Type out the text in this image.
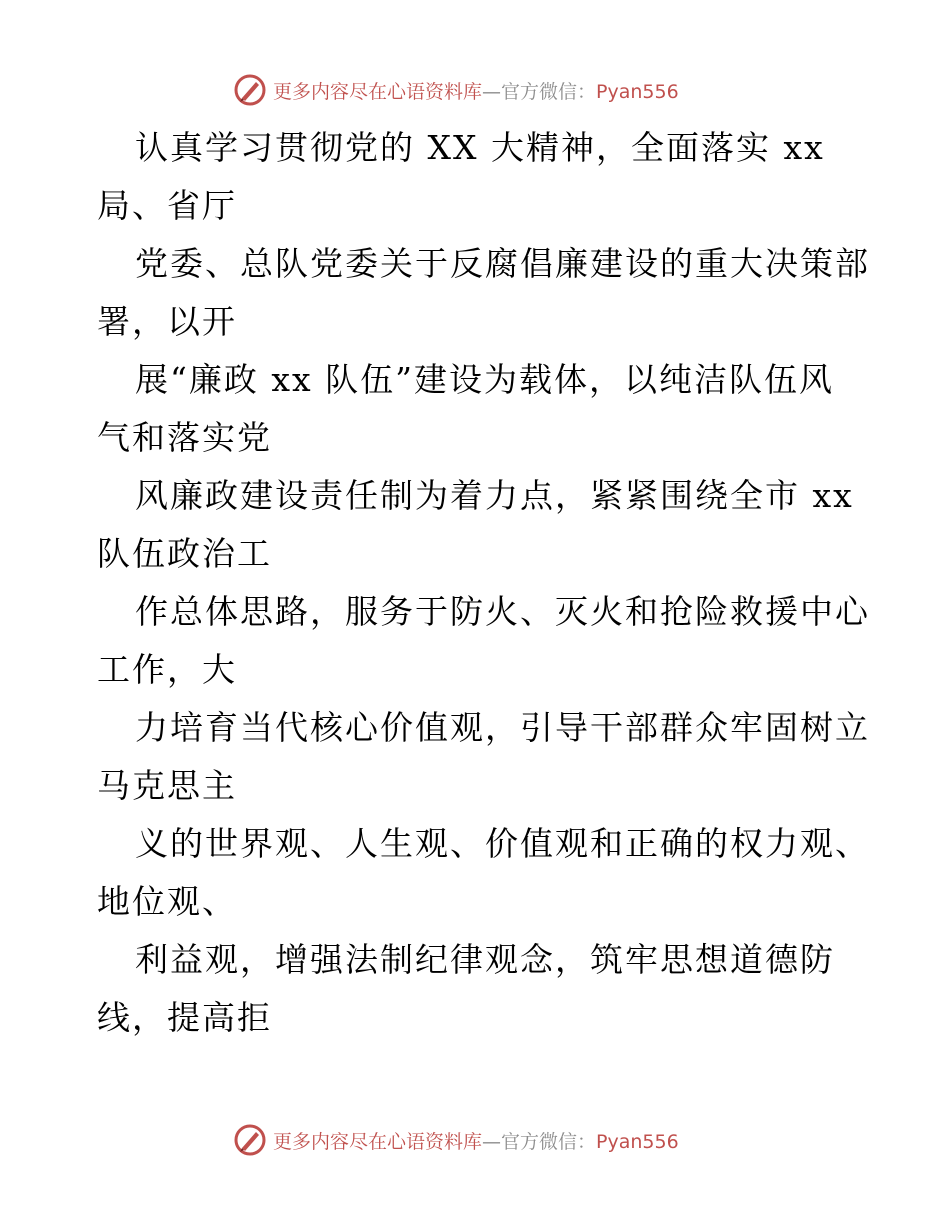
更多内容尽在心语资料库—官方微信：Pyan556
认真学习贯彻党的 XX 大精神，全面落实 xx
局、省厅
党委、总队党委关于反腐倡廉建设的重大决策部
署，以开
展“廉政 xx 队伍”建设为载体，以纯洁队伍风
气和落实党
风廉政建设责任制为着力点，紧紧围绕全市 xx
队伍政治工
作总体思路，服务于防火、灭火和抢险救援中心
工作，大
力培育当代核心价值观，引导干部群众牢固树立
马克思主
义的世界观、人生观、价值观和正确的权力观、
地位观、
利益观，增强法制纪律观念，筑牢思想道德防
线，提高拒
更多内容尽在心语资料库—官方微信：Pyan556
